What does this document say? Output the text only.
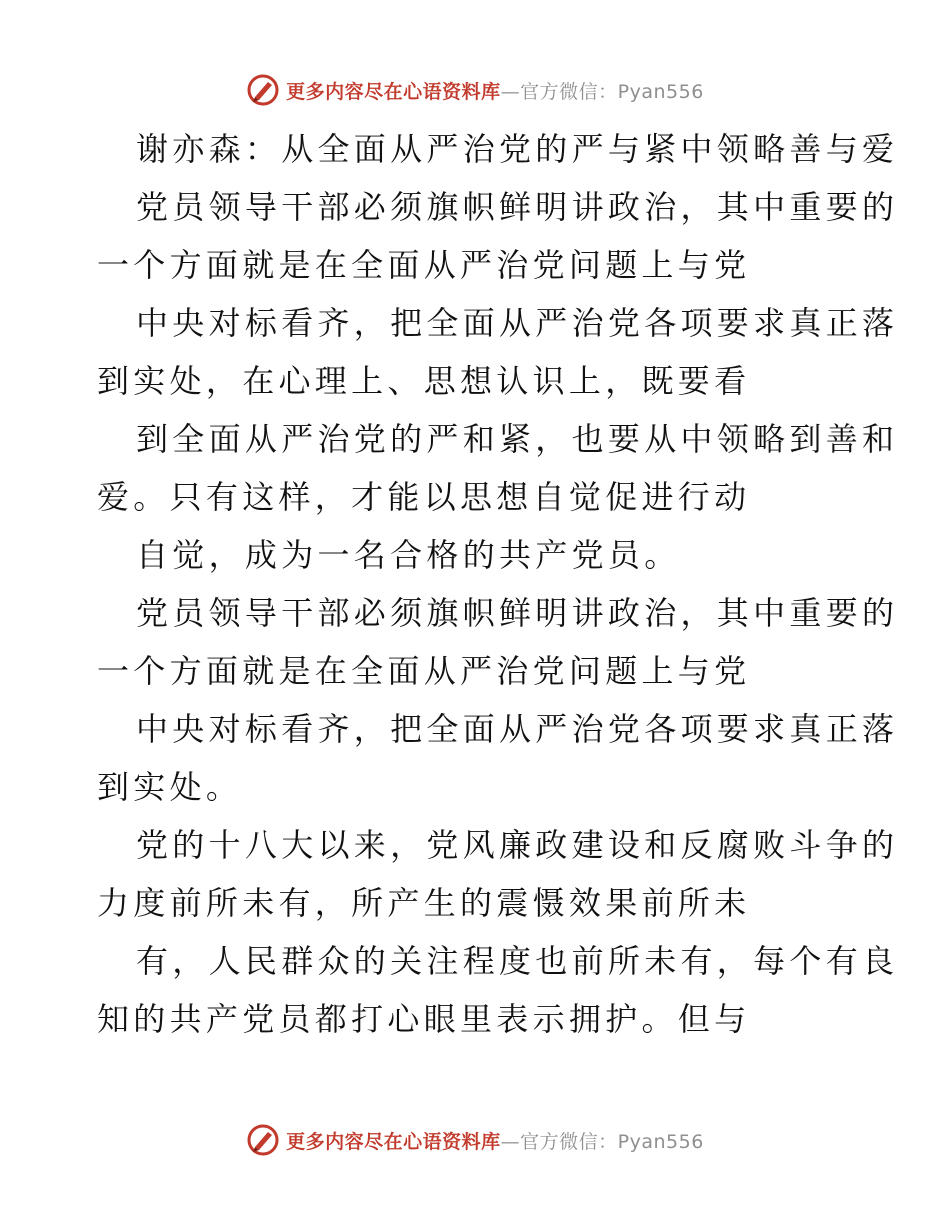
更多内容尽在心语资料库—官方微信：Pyan556
谢亦森：从全面从严治党的严与紧中领略善与爱
党员领导干部必须旗帜鲜明讲政治，其中重要的
一个方面就是在全面从严治党问题上与党
中央对标看齐，把全面从严治党各项要求真正落
到实处，在心理上、思想认识上，既要看
到全面从严治党的严和紧，也要从中领略到善和
爱。只有这样，才能以思想自觉促进行动
自觉，成为一名合格的共产党员。
党员领导干部必须旗帜鲜明讲政治，其中重要的
一个方面就是在全面从严治党问题上与党
中央对标看齐，把全面从严治党各项要求真正落
到实处。
党的十八大以来，党风廉政建设和反腐败斗争的
力度前所未有，所产生的震慑效果前所未
有，人民群众的关注程度也前所未有，每个有良
知的共产党员都打心眼里表示拥护。但与
更多内容尽在心语资料库—官方微信：Pyan556
